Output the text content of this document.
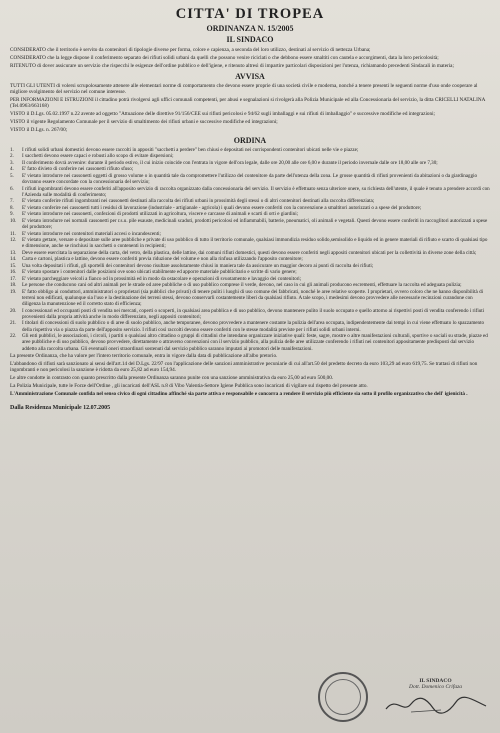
CITTA' DI TROPEA
ORDINANZA N. 15/2005
IL SINDACO

CONSIDERATO che il territorio è servito da contenitori di tipologie diverse per forma, colore e capienza, a seconda del loro utilizzo, destinati al servizio di nettezza Urbana;

CONSIDERATO che la legge dispone il conferimento separato dei rifiuti solidi urbani da quelli che possono venire riciclati o che debbono essere smaltiti con cautela e accorgimenti, data la loro pericolosità;

RITENUTO di dover assicurare un servizio che rispecchi le esigenze dell'ordine pubblico e dell'igiene, e ritenuto altresì di impartire particolari disposizioni per l'utenza, richiamando precedenti Sindacali in materia;

AVVISA

TUTTI GLI UTENTI di volersi scrupolosamente attenere alle elementari norme di comportamento che devono essere proprie di una società civile e moderna, nonché a tenere presenti le seguenti norme d'uso onde cooperare al migliore svolgimento del servizio nel comune interesse.

PER INFORMAZIONI E ISTRUZIONI il cittadino potrà rivolgersi agli uffici comunali competenti, per abusi e segnalazioni si rivolgerà alla Polizia Municipale ed alla Concessionaria del servizio, la ditta CRICELLI NATALINA (Tel.0963/663168)

VISTO il D.Lgs. 05.02.1997 n.22 avente ad oggetto "Attuazione delle direttive 91/156/CEE sui rifiuti pericolosi e 94/62 sugli imballaggi e sui rifiuti di imballaggio" e successive modifiche ed integrazioni;

VISTO il vigente Regolamento Comunale per il servizio di smaltimento dei rifiuti urbani e successive modifiche ed integrazioni;

VISTO il D.Lgs. n. 267/00;

ORDINA
1.	I rifiuti solidi urbani domestici devono essere raccolti in appositi "sacchetti a perdere" ben chiusi e depositati nei corrispondenti contenitori ubicati nelle vie e piazze;
2.	I sacchetti devono essere capaci e robusti allo scopo di evitare dispersioni;
3.	Il conferimento dovrà avvenire: durante il periodo estivo, il cui inizio coincide con l'entrata in vigore dell'ora legale, dalle ore 20,00 alle ore 6,00 e durante il periodo invernale dalle ore 18,00 alle ore 7,30;
4.	E' fatto divieto di conferire nei cassonetti rifiuto sfuso;
5.	E' vietato introdurre nei cassonetti oggetti di grosso volume o in quantità tale da compromettere l'utilizzo del contenitore da parte dell'utenza della zona. Le grosse quantità di rifiuti provenienti da abitazioni o da giardinaggio dovranno essere concordate con la concessionaria del servizio;
6.	I rifiuti ingombranti devono essere conferiti all'apposito servizio di raccolta organizzato dalla concessionaria del servizio. Il servizio è effettuato senza ulteriore onere, su richiesta dell'utente, il quale è tenuto a prendere accordi con l'Azienda sulle modalità di conferimento;
7.	E' vietato conferire rifiuti ingombranti nei cassonetti destinati alla raccolta dei rifiuti urbani in prossimità degli stessi o di altri contenitori destinati alla raccolta differenziata;
8.	E' vietato conferire nei cassonetti tutti i residui di lavorazione (industriale - artigianale - agricola) i quali devono essere conferiti con la convenzione a smaltitori autorizzati o a spese del produttore;
9.	E' vietato introdurre nei cassonetti, confezioni di prodotti utilizzati in agricoltura, viscere e carcasse di animali e scarti di orti e giardini;
10.	E' vietato introdurre nei normali cassonetti per r.s.u. pile esauste, medicinali scaduti, prodotti pericolosi ed infiammabili, batterie, pneumatici, oli animali e vegetali. Questi devono essere conferiti in raccoglitori autorizzati a spese del produttore;
11.	E' vietato introdurre nei contenitori materiali accesi o incandescenti;
12.	E' vietato gettare, versare o depositare sulle aree pubbliche e private di uso pubblico di tutto il territorio comunale, qualsiasi immondizia residuo solido,semisolido e liquido ed in genere materiali di rifiuto e scarto di qualsiasi tipo e dimensione, anche se rinchiusi in sacchetti o contenenti in recipienti;
13.	Deve essere esercitata la separazione della carta, del vetro, della plastica, delle lattine, dai comuni rifiuti domestici, questi devono essere conferiti negli appositi contenitori ubicati per la collettività in diverse zone della città;
14.	Carta e cartoni, plastica e lattine, devono essere conferiti previa riduzione del volume e non alla rinfusa utilizzando l'apposito contenitore;
15.	Una volta depositati i rifiuti, gli sportelli dei contenitori devono risultare assolutamente chiusi in maniera tale da assicurare un maggior decoro ai punti di raccolta dei rifiuti;
16.	E' vietato spostare i contenitori dalle posizioni ove sono ubicati stabilmente ed apporre materiale pubblicitario e scritte di vario genere;
17.	E' vietato parcheggiare veicoli a fianco od in prossimità ed in modo da ostacolare e operazioni di svuotamento e lavaggio dei contenitori;
18.	Le persone che conducono cani od altri animali per le strade od aree pubbliche o di uso pubblico comprese il verde, devono, nel caso in cui gli animali producono escrementi, effettuare la raccolta ed adeguata pulizia;
19.	E' fatto obbligo ai conduttori, amministratori o proprietari (sia pubblici che privati) di tenere puliti i luoghi di uso comune dei fabbricati, nonché le aree relative scoperte. I proprietari, ovvero coloro che ne hanno disponibilità di terreni non edificati, qualunque sia l'uso e la destinazione dei terreni stessi, devono conservarli costantemente liberi da qualsiasi rifiuto. A tale scopo, i medesimi devono provvedere alle necessarie recinzioni curandone con diligenza la manutenzione ed il corretto stato di efficienza;
20.	I concessionari ed occupanti posti di vendita nei mercati, coperti o scoperti, in qualsiasi area pubblica e di uso pubblico, devono mantenere pulito il suolo occupato e quello attorno ai rispettivi posti di vendita conferendo i rifiuti provenienti dalla propria attività anche in modo differenziato, negli appositi contenitori;
21.	I titolari di concessioni di suolo pubblico o di aree di suolo pubblico, anche temporanee, devono provvedere a mantenere costante la pulizia dell'area occupata, indipendentemente dai tempi in cui viene effettuato lo spazzamento della rispettiva via o piazza da parte dell'apposito servizio. I rifiuti così raccolti devono essere conferiti con le stesse modalità previste per i rifiuti solidi urbani interni.
22.	Gli enti pubblici, le associazioni, i circoli, i partiti o qualsiasi altro cittadino o gruppi di cittadini che intendano organizzare iniziative quali: feste, sagre, mostre o altre manifestazioni culturali, sportive o sociali su strade, piazze ed aree pubbliche e di uso pubblico, devono provvedere, direttamente o attraverso convenzioni con il servizio pubblico, alla pulizia delle aree utilizzate conferendo i rifiuti nei contenitori appositamente predisposti dal servizio addetto alla raccolta urbana. Gli eventuali oneri straordinari sostenuti dal servizio pubblico saranno imputati ai promotori delle manifestazioni.

La presente Ordinanza, che ha valore per l'intero territorio comunale, entra in vigore dalla data di pubblicazione all'albo pretorio.

L'abbandono di rifiuti sarà sanzionato ai sensi dell'art.14 del D.Lgs. 22/97 con l'applicazione delle sanzioni amministrative pecuniarie di cui all'art.50 del predetto decreto da euro 103,29 ad euro 619,75. Se trattasi di rifiuti non ingombranti e non pericolosi la sanzione è ridotta da euro 25,82 ad euro 154,94.

Le altre condotte in contrasto con quanto prescritto dalla presente Ordinanza saranno punite con una sanzione amministrativa da euro 25,00 ad euro 500,00.

La Polizia Municipale, tutte le Forze dell'Ordine , gli incaricati dell'ASL n.8 di Vibo Valentia-Settore Igiene Pubblica sono incaricati di vigilare sul rispetto del presente atto.

L'Amministrazione Comunale confida nel senso civico di ogni cittadino affinché sia parte attiva e responsabile e concorra a rendere il servizio più efficiente sia sotto il profilo organizzativo che dell' igienicità .

Dalla Residenza Municipale 12.07.2005
IL SINDACO
Dott. Domenico Crifaza
